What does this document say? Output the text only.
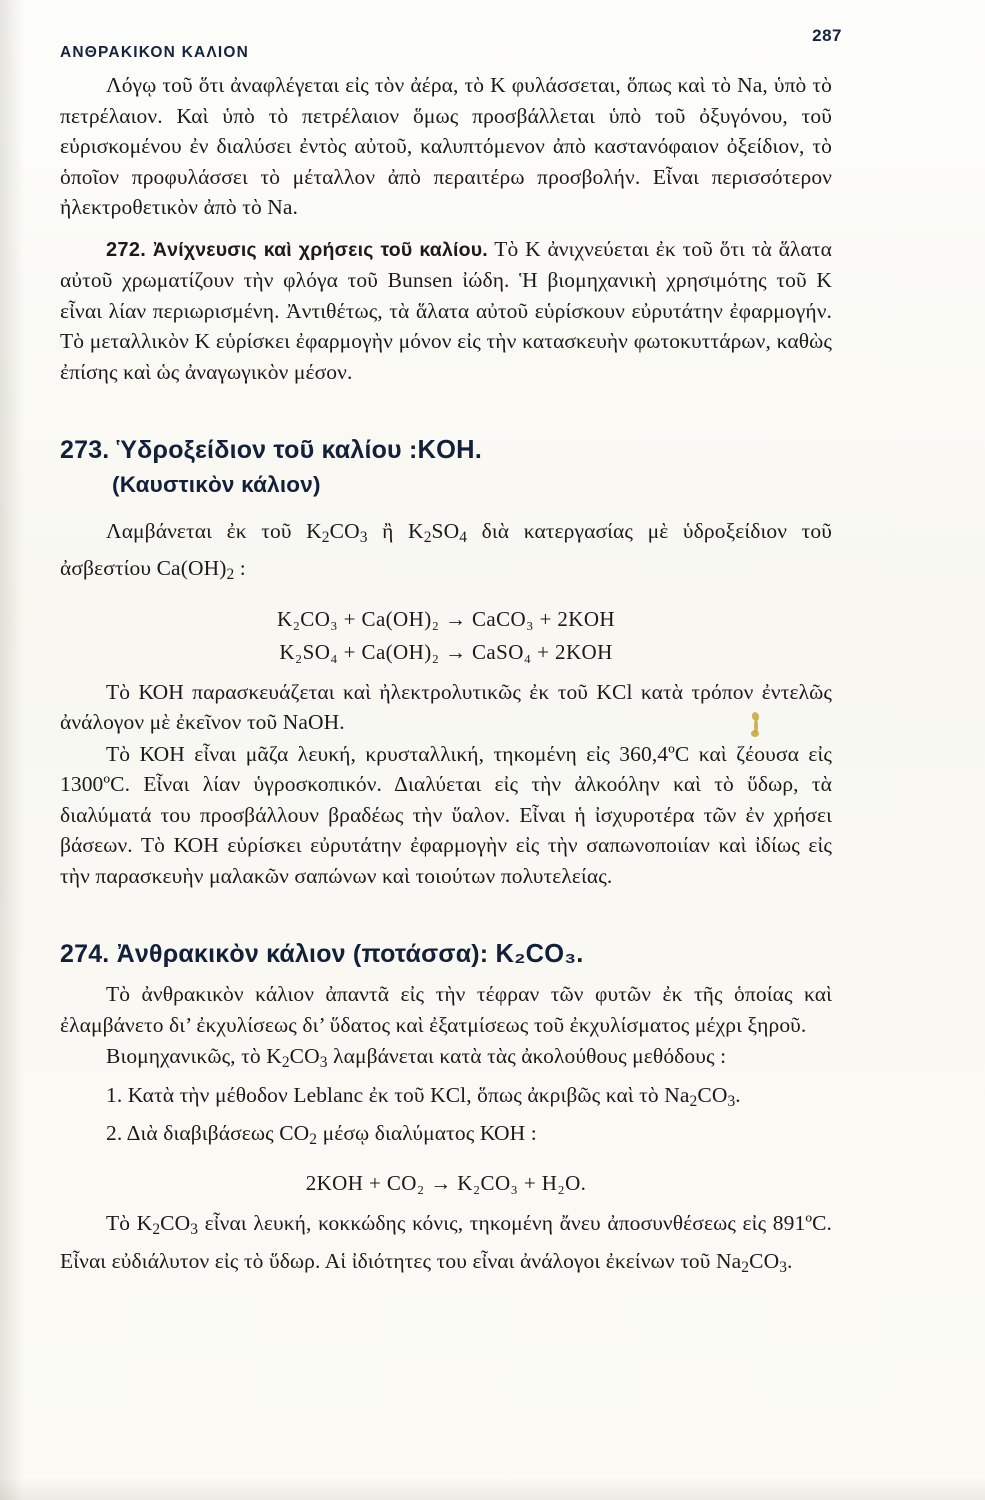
ΑΝΘΡΑΚΙΚΟΝ ΚΑΛΙΟΝ
287

Λόγῳ τοῦ ὅτι ἀναφλέγεται εἰς τὸν ἀέρα, τὸ Κ φυλάσσεται, ὅπως καὶ τὸ Na, ὑπὸ τὸ πετρέλαιον. Καὶ ὑπὸ τὸ πετρέλαιον ὅμως προσβάλλεται ὑπὸ τοῦ ὀξυγόνου, τοῦ εὑρισκομένου ἐν διαλύσει ἐντὸς αὐτοῦ, καλυπτόμενον ἀπὸ καστανόφαιον ὀξείδιον, τὸ ὁποῖον προφυλάσσει τὸ μέταλλον ἀπὸ περαιτέρω προσβολήν. Εἶναι περισσότερον ἠλεκτροθετικὸν ἀπὸ τὸ Na.

272. Ἀνίχνευσις καὶ χρήσεις τοῦ καλίου. Τὸ Κ ἀνιχνεύεται ἐκ τοῦ ὅτι τὰ ἅλατα αὐτοῦ χρωματίζουν τὴν φλόγα τοῦ Bunsen ἰώδη. Ἡ βιομηχανικὴ χρησιμότης τοῦ Κ εἶναι λίαν περιωρισμένη. Ἀντιθέτως, τὰ ἅλατα αὐτοῦ εὑρίσκουν εὐρυτάτην ἐφαρμογήν. Τὸ μεταλλικὸν Κ εὑρίσκει ἐφαρμογὴν μόνον εἰς τὴν κατασκευὴν φωτοκυττάρων, καθὼς ἐπίσης καὶ ὡς ἀναγωγικὸν μέσον.

273. Ὑδροξείδιον τοῦ καλίου :KOH.
(Καυστικὸν κάλιον)

Λαμβάνεται ἐκ τοῦ $K_2CO_3$ ἢ $K_2SO_4$ διὰ κατεργασίας μὲ ὑδροξείδιον τοῦ ἀσβεστίου $Ca(OH)_2$ :

K₂CO₃ + Ca(OH)₂ → CaCO₃ + 2KOH
K₂SO₄ + Ca(OH)₂ → CaSO₄ + 2KOH

Τὸ ΚΟΗ παρασκευάζεται καὶ ἠλεκτρολυτικῶς ἐκ τοῦ KCl κατὰ τρόπον ἐντελῶς ἀνάλογον μὲ ἐκεῖνον τοῦ NaOH.

Τὸ ΚΟΗ εἶναι μᾶζα λευκή, κρυσταλλική, τηκομένη εἰς 360,4ºC καὶ ζέουσα εἰς 1300ºC. Εἶναι λίαν ὑγροσκοπικόν. Διαλύεται εἰς τὴν ἀλκοόλην καὶ τὸ ὕδωρ, τὰ διαλύματά του προσβάλλουν βραδέως τὴν ὕαλον. Εἶναι ἡ ἰσχυροτέρα τῶν ἐν χρήσει βάσεων. Τὸ ΚΟΗ εὑρίσκει εὐρυτάτην ἐφαρμογὴν εἰς τὴν σαπωνοποιίαν καὶ ἰδίως εἰς τὴν παρασκευὴν μαλακῶν σαπώνων καὶ τοιούτων πολυτελείας.

274. Ἀνθρακικὸν κάλιον (ποτάσσα): K₂CO₃.

Τὸ ἀνθρακικὸν κάλιον ἀπαντᾶ εἰς τὴν τέφραν τῶν φυτῶν ἐκ τῆς ὁποίας καὶ ἐλαμβάνετο δι’ ἐκχυλίσεως δι’ ὕδατος καὶ ἐξατμίσεως τοῦ ἐκχυλίσματος μέχρι ξηροῦ.

Βιομηχανικῶς, τὸ $K_2CO_3$ λαμβάνεται κατὰ τὰς ἀκολούθους μεθόδους :

1. Κατὰ τὴν μέθοδον Leblanc ἐκ τοῦ KCl, ὅπως ἀκριβῶς καὶ τὸ $Na_2CO_3$.

2. Διὰ διαβιβάσεως $CO_2$ μέσῳ διαλύματος ΚΟΗ :

2KOH + CO₂ → K₂CO₃ + H₂O.

Τὸ $K_2CO_3$ εἶναι λευκή, κοκκώδης κόνις, τηκομένη ἄνευ ἀποσυνθέσεως εἰς 891ºC. Εἶναι εὐδιάλυτον εἰς τὸ ὕδωρ. Αἱ ἰδιότητες του εἶναι ἀνάλογοι ἐκείνων τοῦ $Na_2CO_3$.
